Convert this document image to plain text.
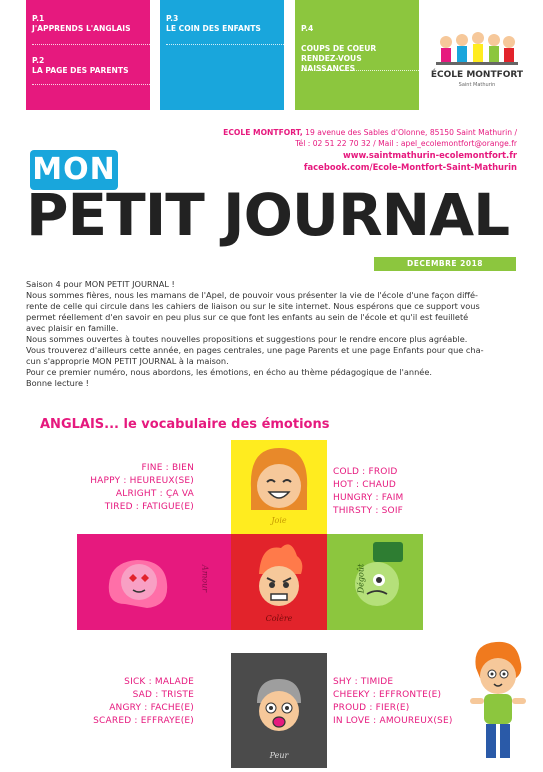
P.1
J'APPRENDS L'ANGLAIS
P.2
LA PAGE DES PARENTS
P.3
LE COIN DES ENFANTS	P.4

COUPS DE COEUR
RENDEZ-VOUS
NAISSANCES

ÉCOLE MONTFORT
Saint Mathurin
ECOLE MONTFORT, 19 avenue des Sables d'Olonne, 85150 Saint Mathurin /
Tél : 02 51 22 70 32 / Mail : apel_ecolemontfort@orange.fr
www.saintmathurin-ecolemontfort.fr
facebook.com/Ecole-Montfort-Saint-Mathurin
MON
PETIT JOURNAL
DECEMBRE 2018

Saison 4 pour MON PETIT JOURNAL !

Nous sommes fières, nous les mamans de l'Apel, de pouvoir vous présenter la vie de l'école d'une façon diffé-

rente de celle qui circule dans les cahiers de liaison ou sur le site internet. Nous espérons que ce support vous

permet réellement d'en savoir en peu plus sur ce que font les enfants au sein de l'école et qu'il est feuilleté

avec plaisir en famille.

Nous sommes ouvertes à toutes nouvelles propositions et suggestions pour le rendre encore plus agréable.

Vous trouverez d'ailleurs cette année, en pages centrales, une page Parents et une page Enfants pour que cha-

cun s'approprie MON PETIT JOURNAL à la maison.

Pour ce premier numéro, nous abordons, les émotions, en écho au thème pédagogique de l'année.

Bonne lecture !

ANGLAIS... le vocabulaire des émotions
Joie
Amour
Colère
Dégoût
Peur
FINE : BIEN
HAPPY : HEUREUX(SE)
ALRIGHT : ÇA VA
TIRED : FATIGUE(E)
COLD : FROID
HOT : CHAUD
HUNGRY : FAIM
THIRSTY : SOIF
SICK : MALADE
SAD : TRISTE
ANGRY : FACHE(E)
SCARED : EFFRAYE(E)
SHY : TIMIDE
CHEEKY : EFFRONTE(E)
PROUD : FIER(E)
IN LOVE : AMOUREUX(SE)
